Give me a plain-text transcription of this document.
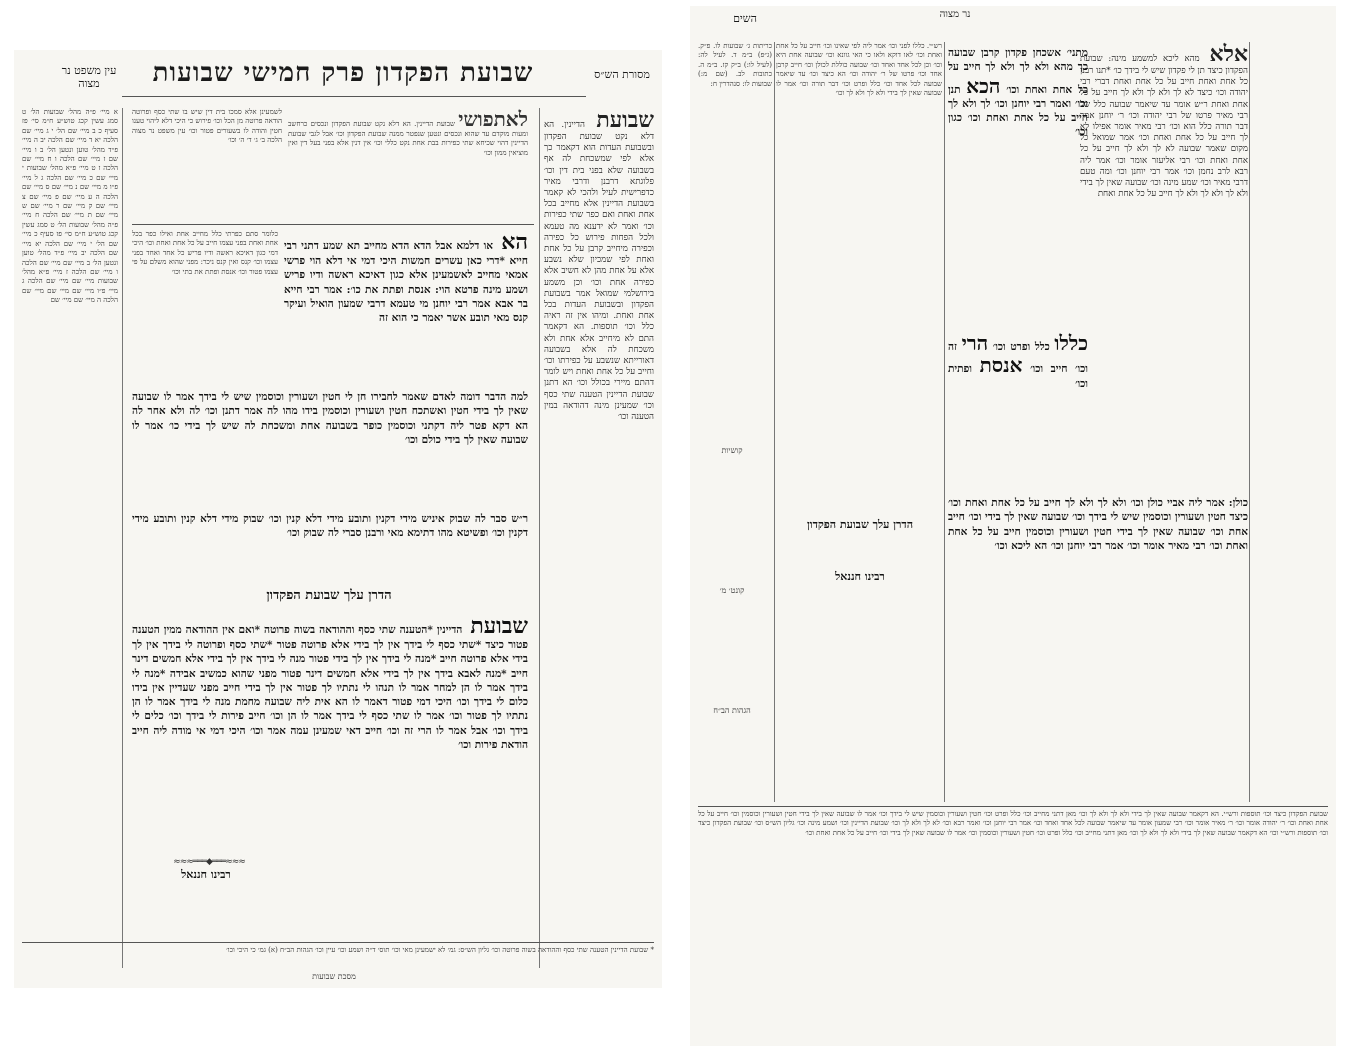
שבועת הפקדון פרק חמישי שבועות	מסורת הש״ס
עין משפט נר מצוה
א מיי׳ פ״ה מהל׳ שבועות הל׳ ט סמג עשין קכג טוש״ע ח״מ סי׳ פז סעיף כ ב מיי׳ שם הל׳ י ג מיי׳ שם הלכה יא ד מיי׳ שם הלכה יב ה מיי׳ פ״ד מהל׳ טוען ונטען הל׳ ב ו מיי׳ שם ז מיי׳ שם הלכה ו ח מיי׳ שם הלכה ז ט מיי׳ פ״א מהל׳ שבועות י מיי׳ שם כ מיי׳ שם הלכה ג ל מיי׳ פ״ו מ מיי׳ שם נ מיי׳ שם ס מיי׳ שם הלכה ה ע מיי׳ שם פ מיי׳ שם צ מיי׳ שם ק מיי׳ שם ר מיי׳ שם ש מיי׳ שם ת מיי׳ שם הלכה ח מיי׳ פ״ה מהל׳ שבועות הל׳ ט סמג עשין קכג טוש״ע ח״מ סי׳ פז סעיף כ מיי׳ שם הל׳ י מיי׳ שם הלכה יא מיי׳ שם הלכה יב מיי׳ פ״ד מהל׳ טוען ונטען הל׳ ב מיי׳ שם מיי׳ שם הלכה ו מיי׳ שם הלכה ז מיי׳ פ״א מהל׳ שבועות מיי׳ שם מיי׳ שם הלכה ג מיי׳ פ״ו מיי׳ שם מיי׳ שם מיי׳ שם הלכה ה מיי׳ שם מיי׳ שם
שבועת הדיינין. הא דלא נקט שבועת הפקדון ובשבועת העדות הוא דקאמר כך אלא לפי שמשכחת לה אף בשבועה שלא בפני בית דין וכו׳ פלוגתא דרבנן ודרבי מאיר כדפרישית לעיל ולהכי לא קאמר בשבועת הדיינין אלא מחייב בכל אחת ואחת ואם כפר שתי כפירות וכו׳ ואמר לא ידענא מה טעמא ולכל הפחות פירוש כל כפירה וכפירה מיחייב קרבן על כל אחת ואחת לפי שמכיון שלא נשבע אלא על אחת מהן לא חשיב אלא כפירה אחת וכו׳ וכן משמע בירושלמי שמואל אמר בשבועת הפקדון ובשבועת העדות בכל אחת ואחת. ומיהו אין זה ראיה כלל וכו׳ תוספות. הא דקאמר התם לא מיחייב אלא אחת ולא משכחת לה אלא בשבועה דאורייתא שנשבע על כפירתו וכו׳ וחייב על כל אחת ואחת ויש לומר דהתם מיירי בכולל וכו׳ הא דתנן שבועת הדיינין הטענה שתי כסף וכו׳ שמעינן מינה דהודאה במין הטענה וכו׳
לשמעינן אלא סמכו בית דין שיש בו שתי כסף ופרוטה הודאה פרוטה מן הכל וכו׳ פירוש כי היכי דלא ליהוי טענו חטין והודה לו בשעורים פטור וכו׳ עין משפט נר מצוה הלכה ב׳ ג׳ ד׳ ה׳ וכו׳
לאתפושי שבועת הדיינין. הא דלא נקט שבועת הפקדון ונכסים כרחשב ומעות מוקדם עד שהוא ונכסים ונטען שנפטר ממנה שבועת הפקדון וכו׳ אבל לגבי שבועת הדיינין דהוי שכיחא שתי כפירות בבת אחת נקט כללי וכו׳ אין דנין אלא בפני בעל דין ואין מוציאין ממון וכו׳
הא או דלמא אבל הדא הדא מחייב תא שמע דתני רבי חייא *דרי כאן עשרים חמשות היכי דמי אי דלא הוי פרשי אמאי מחייב לאשמעינן אלא כגון דאיכא ראשה ודיו פריש ושמע מינה פרטא הוי: אנסת ופתת את כו׳: אמר רבי חייא בר אבא אמר רבי יוחנן מי טעמא דרבי שמעון הואיל ועיקר קנס מאי תובע אשר יאמר כי הוא זה
כלומר סתם כפרתי כלל מחייב אחת ואילו כפר בכל אחת ואחת בפני עצמו חייב על כל אחת ואחת וכו׳ היכי דמי כגון דאיכא ראשה ודיו פריש כל אחד ואחד בפני עצמו וכו׳ קנס ואין קנס ניכר: מפני שהוא משלם על פי עצמו פטור וכו׳ אנסת ופתת את בתי וכו׳
למה הדבר דומה לאדם שאמר לחבירו חן לי חטין ושעורין וכוסמין שיש לי בידך אמר לו שבועה שאין לך בידי חטין ואשתכח חטין ושעורין וכוסמין בידו מהו לה אמר דתנן וכו׳ לה ולא אחר לה הא דקא פטר ליה דקתני וכוסמין כופר בשבועה אחת ומשכחת לה שיש לך בידי כו׳ אמר לו שבועה שאין לך בידי כולם וכו׳
ר״ש סבר לה שבוק איניש מידי דקנין ותובע מידי דלא קנין וכו׳ שבוק מידי דלא קנין ותובע מידי דקנין וכו׳ ופשיטא מהו דתימא מאי ורבנן סברי לה שבוק וכו׳
הדרן עלך שבועת הפקדון
שבועת הדיינין *הטענה שתי כסף וההודאה בשוה פרוטה *ואם אין ההודאה ממין הטענה פטור כיצד *שתי כסף לי בידך אין לך בידי אלא פרוטה פטור *שתי כסף ופרוטה לי בידך אין לך בידי אלא פרוטה חייב *מנה לי בידך אין לך בידי פטור מנה לי בידך אין לך בידי אלא חמשים דינר חייב *מנה לאבא בידך אין לך בידי אלא חמשים דינר פטור מפני שהוא כמשיב אבידה *מנה לי בידך אמר לו הן למחר אמר לו תנהו לי נתתיו לך פטור אין לך בידי חייב מפני שעדיין אין בידו כלום לי בידך וכו׳ היכי דמי פטור דאמר לו הא אית ליה שבועה מחמת מנה לי בידך אמר לו הן נתתיו לך פטור וכו׳ אמר לו שתי כסף לי בידך אמר לו הן וכו׳ חייב פירות לי בידך וכו׳ כלים לי בידך וכו׳ אבל אמר לו הרי זה וכו׳ חייב דאי שמעינן עמה אמר וכו׳ היכי דמי אי מודה ליה חייב הודאת פירות וכו׳
רבינו חננאל
≈≈≈═══◆═══≈≈≈
* שבועת הדיינין הטענה שתי כסף וההודאה בשוה פרוטה וכו׳ גליון הש״ס: גמ׳ לא ישמעינן מאי וכו׳ תוס׳ ד״ה ושמע וכו׳ עיין וכו׳ הגהות הב״ח (א) גמ׳ כי היכי וכו׳
מסכת שבועות
השים	נר מצוה
אלא מהא ליכא למשמע מינה: שבועת הפקדון כיצד תן לי פקדון שיש לי בידך כו׳ *תנו רבנן כל אחת ואחת חייב על כל אחת ואחת דברי רבי יהודה וכו׳ כיצד לא לך ולא לך ולא לך חייב על כל אחת ואחת ר״ש אומר עד שיאמר שבועה כלל של רבי מאיר פרטו של רבי יהודה וכו׳ ר׳ יוחנן אמר דבר תורה כלל הוא וכו׳ רבי מאיר אומר אפילו לא לך חייב על כל אחת ואחת וכו׳ אמר שמואל כל מקום שאמר שבועה לא לך ולא לך חייב על כל אחת ואחת וכו׳ רבי אליעזר אומר וכו׳ אמר ליה רבא לרב נחמן וכו׳ אמר רבי יוחנן וכו׳ ומה טעם דרבי מאיר וכו׳ שמע מינה וכו׳ שבועה שאין לך בידי ולא לך ולא לך ולא לך חייב על כל אחת ואחת
מתני׳ אשכחן פקדון קרבן שבועה כך מהא ולא לך ולא לך חייב על כל אחת ואחת וכו׳ הכא תנן וכו׳ ואמר רבי יוחנן וכו׳ לך ולא לך חייב על כל אחת ואחת וכו׳ כגון וכו׳
כללו כלל ופרט וכו׳ הרי זה וכו׳ חייב וכו׳ אנסת ופתית וכו׳
רש״י. כללו לפני וכו׳ אמר ליה לפי שאינו וכו׳ חייב על כל אחת ואחת וכו׳ לאו דוקא ולאו כי האי גוונא וכו׳ שבועה אחת היא וכו׳ וכן לכל אחד ואחד וכו׳ שבועה כוללת לכולן וכו׳ חייב קרבן אחד וכו׳ פרטו של ר׳ יהודה וכו׳ הא כיצד וכו׳ עד שיאמר שבועה לכל אחד וכו׳ כלל ופרט וכו׳ דבר תורה וכו׳ אמר לו שבועה שאין לך בידי ולא לך ולא לך וכו׳
כריתות ג׳ שבועות לו. פ״ק. (ג״פ) ב״מ ד. לעיל לה: (לעיל לו:) ב״ק קז. ב״מ ה. כתובות לב. (שם מ:) שבועות לו: סנהדרין ח:
קושיות
קונט׳ מ׳
הגהות הב״ח
כולן: אמר ליה אביי כולן וכו׳ ולא לך ולא לך חייב על כל אחת ואחת וכו׳ כיצד חטין ושעורין וכוסמין שיש לי בידך וכו׳ שבועה שאין לך בידי וכו׳ חייב אחת וכו׳ שבועה שאין לך בידי חטין ושעורין וכוסמין חייב על כל אחת ואחת וכו׳ רבי מאיר אומר וכו׳ אמר רבי יוחנן וכו׳ הא ליכא וכו׳
הדרן עלך שבועת הפקדון
רבינו חננאל
שבועת הפקדון כיצד וכו׳ תוספות ורש״י. הא דקאמר שבועה שאין לך בידי ולא לך ולא לך וכו׳ מאן דתני מחייב וכו׳ כלל ופרט וכו׳ חטין ושעורין וכוסמין שיש לי בידך וכו׳ אמר לו שבועה שאין לך בידי חטין ושעורין וכוסמין וכו׳ חייב על כל אחת ואחת וכו׳ ר׳ יהודה אומר וכו׳ ר׳ מאיר אומר וכו׳ רבי שמעון אומר עד שיאמר שבועה לכל אחד ואחד וכו׳ אמר רבי יוחנן וכו׳ ואמר רבא וכו׳ לא לך ולא לך וכו׳ שבועת הדיינין וכו׳ ושמע מינה וכו׳ גליון הש״ס וכו׳ שבועת הפקדון כיצד וכו׳ תוספות ורש״י וכו׳ הא דקאמר שבועה שאין לך בידי ולא לך ולא לך וכו׳ מאן דתני מחייב וכו׳ כלל ופרט וכו׳ חטין ושעורין וכוסמין וכו׳ אמר לו שבועה שאין לך בידי וכו׳ חייב על כל אחת ואחת וכו׳
